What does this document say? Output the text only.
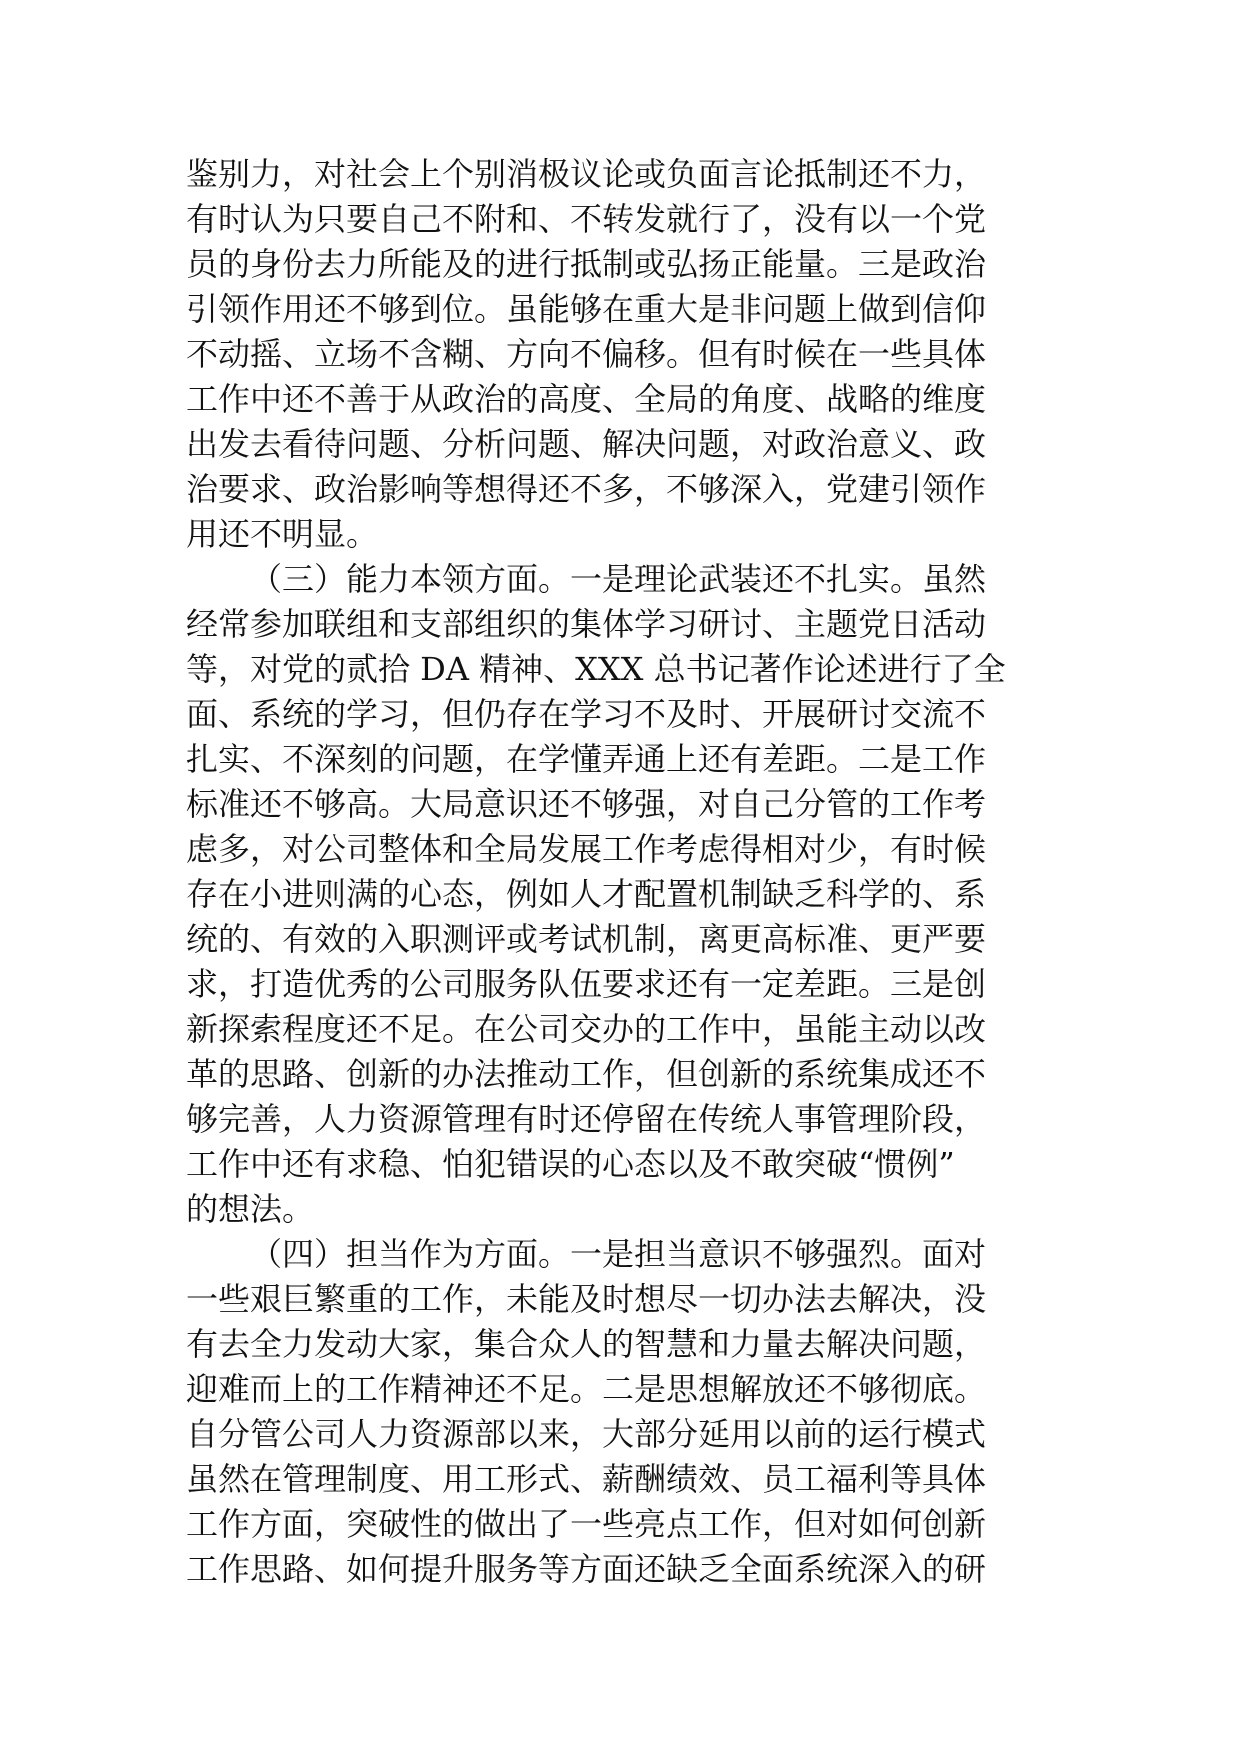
鉴别力，对社会上个别消极议论或负面言论抵制还不力，
有时认为只要自己不附和、不转发就行了，没有以一个党
员的身份去力所能及的进行抵制或弘扬正能量。三是政治
引领作用还不够到位。虽能够在重大是非问题上做到信仰
不动摇、立场不含糊、方向不偏移。但有时候在一些具体
工作中还不善于从政治的高度、全局的角度、战略的维度
出发去看待问题、分析问题、解决问题，对政治意义、政
治要求、政治影响等想得还不多，不够深入，党建引领作
用还不明显。

（三）能力本领方面。一是理论武装还不扎实。虽然
经常参加联组和支部组织的集体学习研讨、主题党日活动
等，对党的贰拾 DA 精神、XXX 总书记著作论述进行了全
面、系统的学习，但仍存在学习不及时、开展研讨交流不
扎实、不深刻的问题，在学懂弄通上还有差距。二是工作
标准还不够高。大局意识还不够强，对自己分管的工作考
虑多，对公司整体和全局发展工作考虑得相对少，有时候
存在小进则满的心态，例如人才配置机制缺乏科学的、系
统的、有效的入职测评或考试机制，离更高标准、更严要
求，打造优秀的公司服务队伍要求还有一定差距。三是创
新探索程度还不足。在公司交办的工作中，虽能主动以改
革的思路、创新的办法推动工作，但创新的系统集成还不
够完善，人力资源管理有时还停留在传统人事管理阶段，
工作中还有求稳、怕犯错误的心态以及不敢突破“惯例”
的想法。

（四）担当作为方面。一是担当意识不够强烈。面对
一些艰巨繁重的工作，未能及时想尽一切办法去解决，没
有去全力发动大家，集合众人的智慧和力量去解决问题，
迎难而上的工作精神还不足。二是思想解放还不够彻底。
自分管公司人力资源部以来，大部分延用以前的运行模式
虽然在管理制度、用工形式、薪酬绩效、员工福利等具体
工作方面，突破性的做出了一些亮点工作，但对如何创新
工作思路、如何提升服务等方面还缺乏全面系统深入的研
